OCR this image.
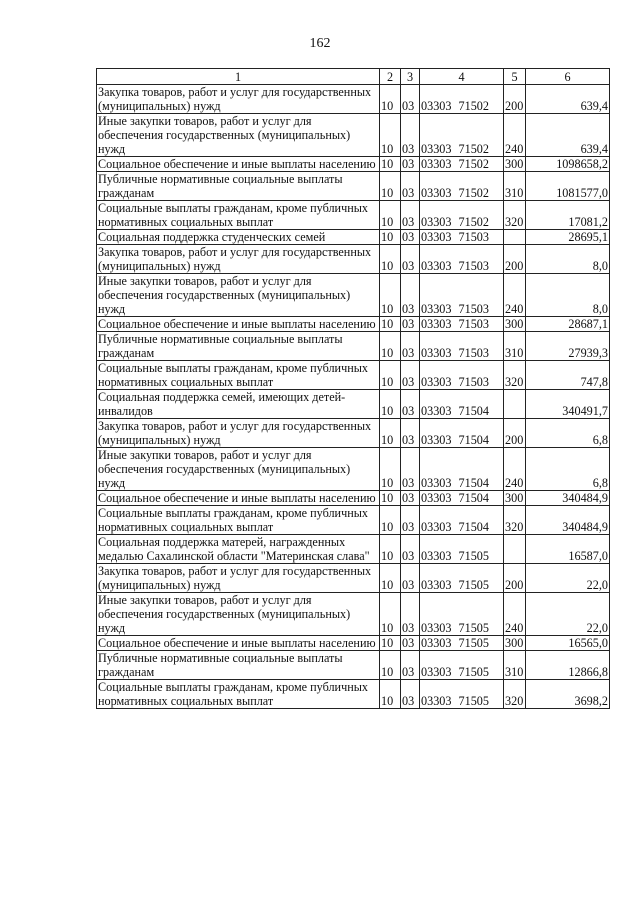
162
1	2	3	4	5	6
Закупка товаров, работ и услуг для государственных (муниципальных) нужд	10	03	03303 71502	200	639,4
Иные закупки товаров, работ и услуг для обеспечения государственных (муниципальных) нужд	10	03	03303 71502	240	639,4
Социальное обеспечение и иные выплаты населению	10	03	03303 71502	300	1098658,2
Публичные нормативные социальные выплаты гражданам	10	03	03303 71502	310	1081577,0
Социальные выплаты гражданам, кроме публичных нормативных социальных выплат	10	03	03303 71502	320	17081,2
Социальная поддержка студенческих семей	10	03	03303 71503		28695,1
Закупка товаров, работ и услуг для государственных (муниципальных) нужд	10	03	03303 71503	200	8,0
Иные закупки товаров, работ и услуг для обеспечения государственных (муниципальных) нужд	10	03	03303 71503	240	8,0
Социальное обеспечение и иные выплаты населению	10	03	03303 71503	300	28687,1
Публичные нормативные социальные выплаты гражданам	10	03	03303 71503	310	27939,3
Социальные выплаты гражданам, кроме публичных нормативных социальных выплат	10	03	03303 71503	320	747,8
Социальная поддержка семей, имеющих детей-инвалидов	10	03	03303 71504		340491,7
Закупка товаров, работ и услуг для государственных (муниципальных) нужд	10	03	03303 71504	200	6,8
Иные закупки товаров, работ и услуг для обеспечения государственных (муниципальных) нужд	10	03	03303 71504	240	6,8
Социальное обеспечение и иные выплаты населению	10	03	03303 71504	300	340484,9
Социальные выплаты гражданам, кроме публичных нормативных социальных выплат	10	03	03303 71504	320	340484,9
Социальная поддержка матерей, награжденных медалью Сахалинской области "Материнская слава"	10	03	03303 71505		16587,0
Закупка товаров, работ и услуг для государственных (муниципальных) нужд	10	03	03303 71505	200	22,0
Иные закупки товаров, работ и услуг для обеспечения государственных (муниципальных) нужд	10	03	03303 71505	240	22,0
Социальное обеспечение и иные выплаты населению	10	03	03303 71505	300	16565,0
Публичные нормативные социальные выплаты гражданам	10	03	03303 71505	310	12866,8
Социальные выплаты гражданам, кроме публичных нормативных социальных выплат	10	03	03303 71505	320	3698,2
